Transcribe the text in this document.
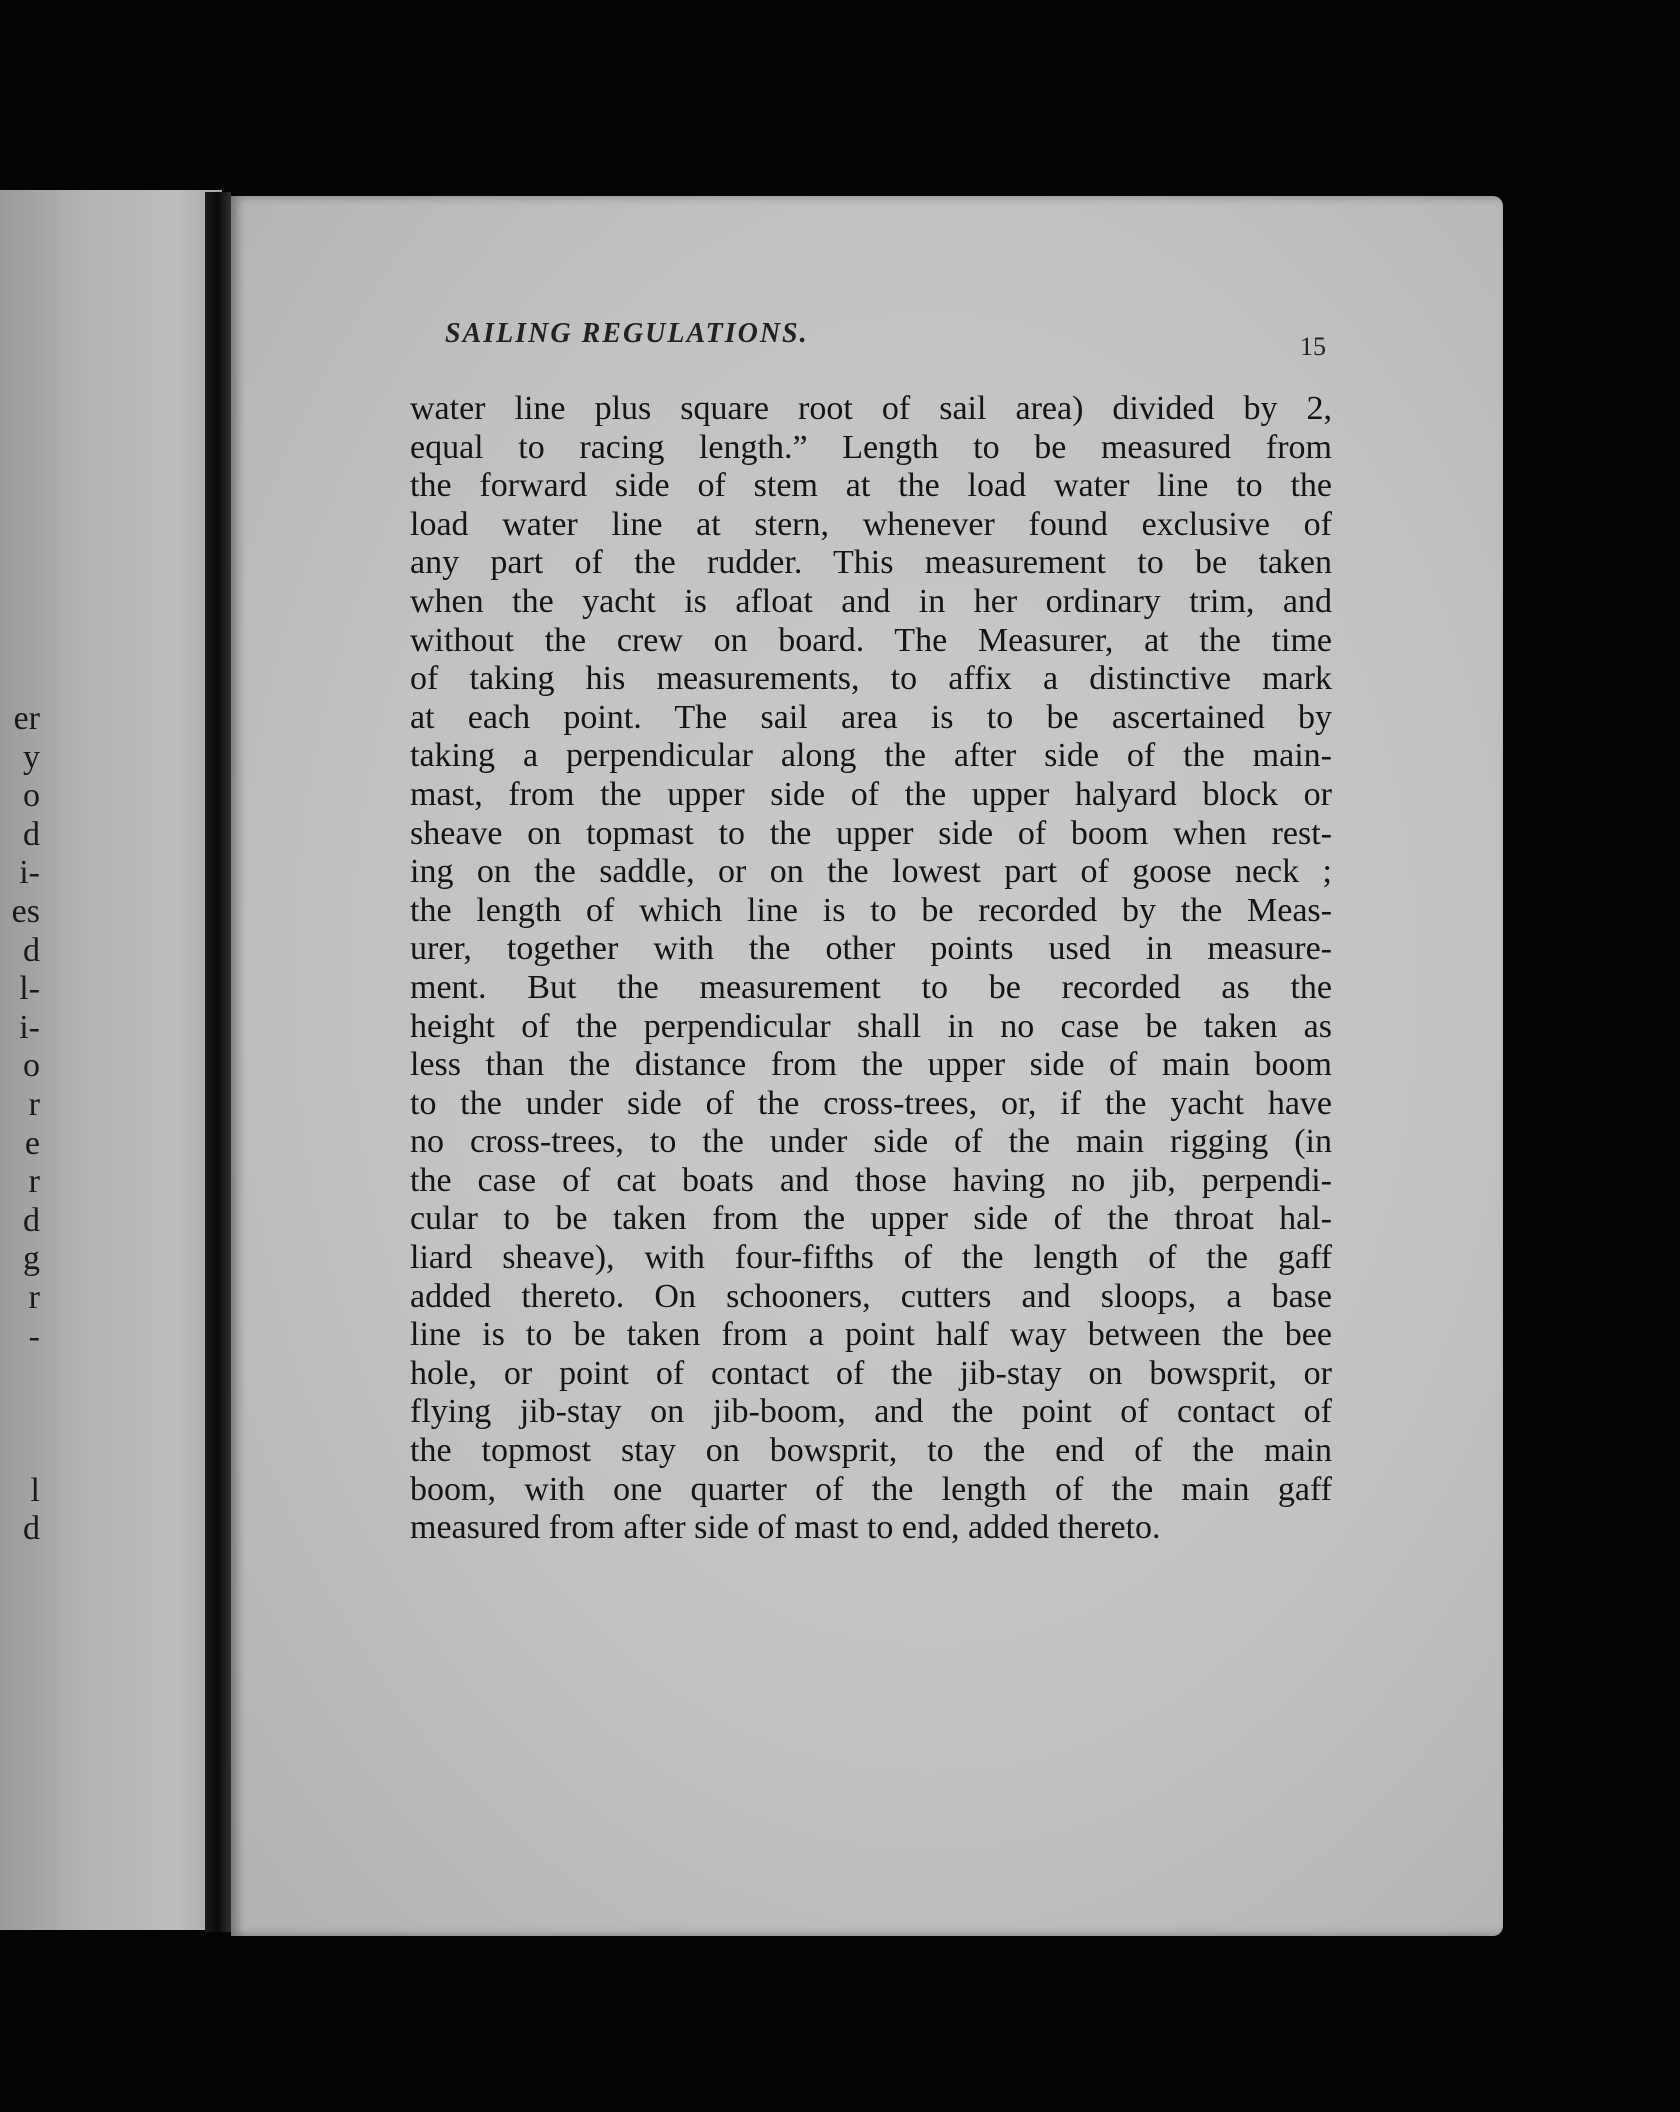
er
y
o
d
i-
es
d
l-
i-
o
r
e
r
d
g
r
-
l
d
SAILING REGULATIONS.	15
water line plus square root of sail area) divided by 2,
equal to racing length.” Length to be measured from
the forward side of stem at the load water line to the
load water line at stern, whenever found exclusive of
any part of the rudder. This measurement to be taken
when the yacht is afloat and in her ordinary trim, and
without the crew on board. The Measurer, at the time
of taking his measurements, to affix a distinctive mark
at each point. The sail area is to be ascertained by
taking a perpendicular along the after side of the main-
mast, from the upper side of the upper halyard block or
sheave on topmast to the upper side of boom when rest-
ing on the saddle, or on the lowest part of goose neck ;
the length of which line is to be recorded by the Meas-
urer, together with the other points used in measure-
ment. But the measurement to be recorded as the
height of the perpendicular shall in no case be taken as
less than the distance from the upper side of main boom
to the under side of the cross-trees, or, if the yacht have
no cross-trees, to the under side of the main rigging (in
the case of cat boats and those having no jib, perpendi-
cular to be taken from the upper side of the throat hal-
liard sheave), with four-fifths of the length of the gaff
added thereto. On schooners, cutters and sloops, a base
line is to be taken from a point half way between the bee
hole, or point of contact of the jib-stay on bowsprit, or
flying jib-stay on jib-boom, and the point of contact of
the topmost stay on bowsprit, to the end of the main
boom, with one quarter of the length of the main gaff
measured from after side of mast to end, added thereto.
